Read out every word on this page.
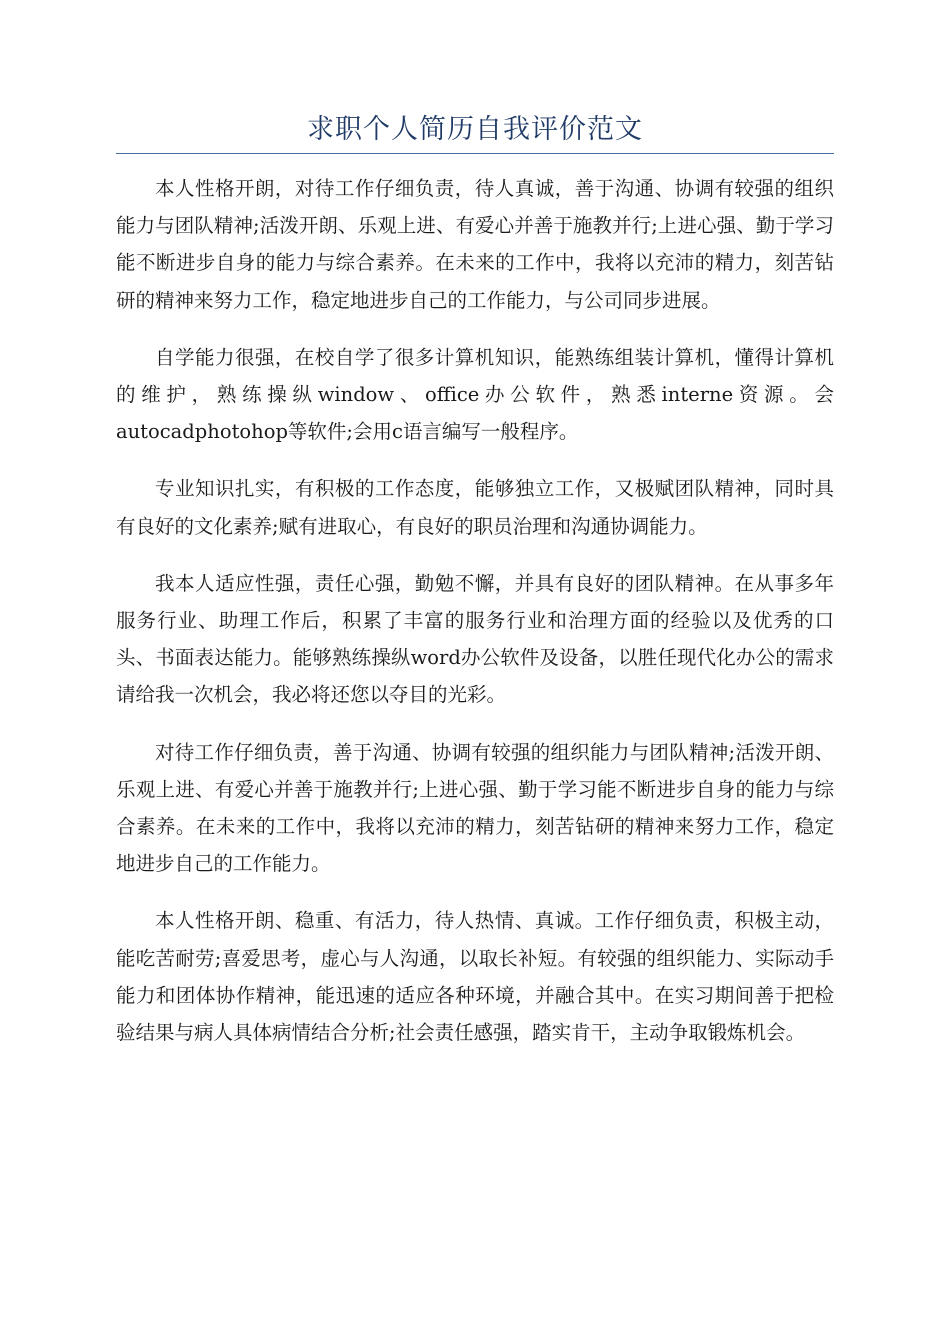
求职个人简历自我评价范文

本人性格开朗，对待工作仔细负责，待人真诚，善于沟通、协调有较强的组织能力与团队精神;活泼开朗、乐观上进、有爱心并善于施教并行;上进心强、勤于学习能不断进步自身的能力与综合素养。在未来的工作中，我将以充沛的精力，刻苦钻研的精神来努力工作，稳定地进步自己的工作能力，与公司同步进展。

自学能力很强，在校自学了很多计算机知识，能熟练组装计算机，懂得计算机的维护，熟练操纵window、office办公软件，熟悉interne资源。会autocadphotohop等软件;会用c语言编写一般程序。

专业知识扎实，有积极的工作态度，能够独立工作，又极赋团队精神，同时具有良好的文化素养;赋有进取心，有良好的职员治理和沟通协调能力。

我本人适应性强，责任心强，勤勉不懈，并具有良好的团队精神。在从事多年服务行业、助理工作后，积累了丰富的服务行业和治理方面的经验以及优秀的口头、书面表达能力。能够熟练操纵word办公软件及设备，以胜任现代化办公的需求请给我一次机会，我必将还您以夺目的光彩。

对待工作仔细负责，善于沟通、协调有较强的组织能力与团队精神;活泼开朗、乐观上进、有爱心并善于施教并行;上进心强、勤于学习能不断进步自身的能力与综合素养。在未来的工作中，我将以充沛的精力，刻苦钻研的精神来努力工作，稳定地进步自己的工作能力。

本人性格开朗、稳重、有活力，待人热情、真诚。工作仔细负责，积极主动，能吃苦耐劳;喜爱思考，虚心与人沟通，以取长补短。有较强的组织能力、实际动手能力和团体协作精神，能迅速的适应各种环境，并融合其中。在实习期间善于把检验结果与病人具体病情结合分析;社会责任感强，踏实肯干，主动争取锻炼机会。
